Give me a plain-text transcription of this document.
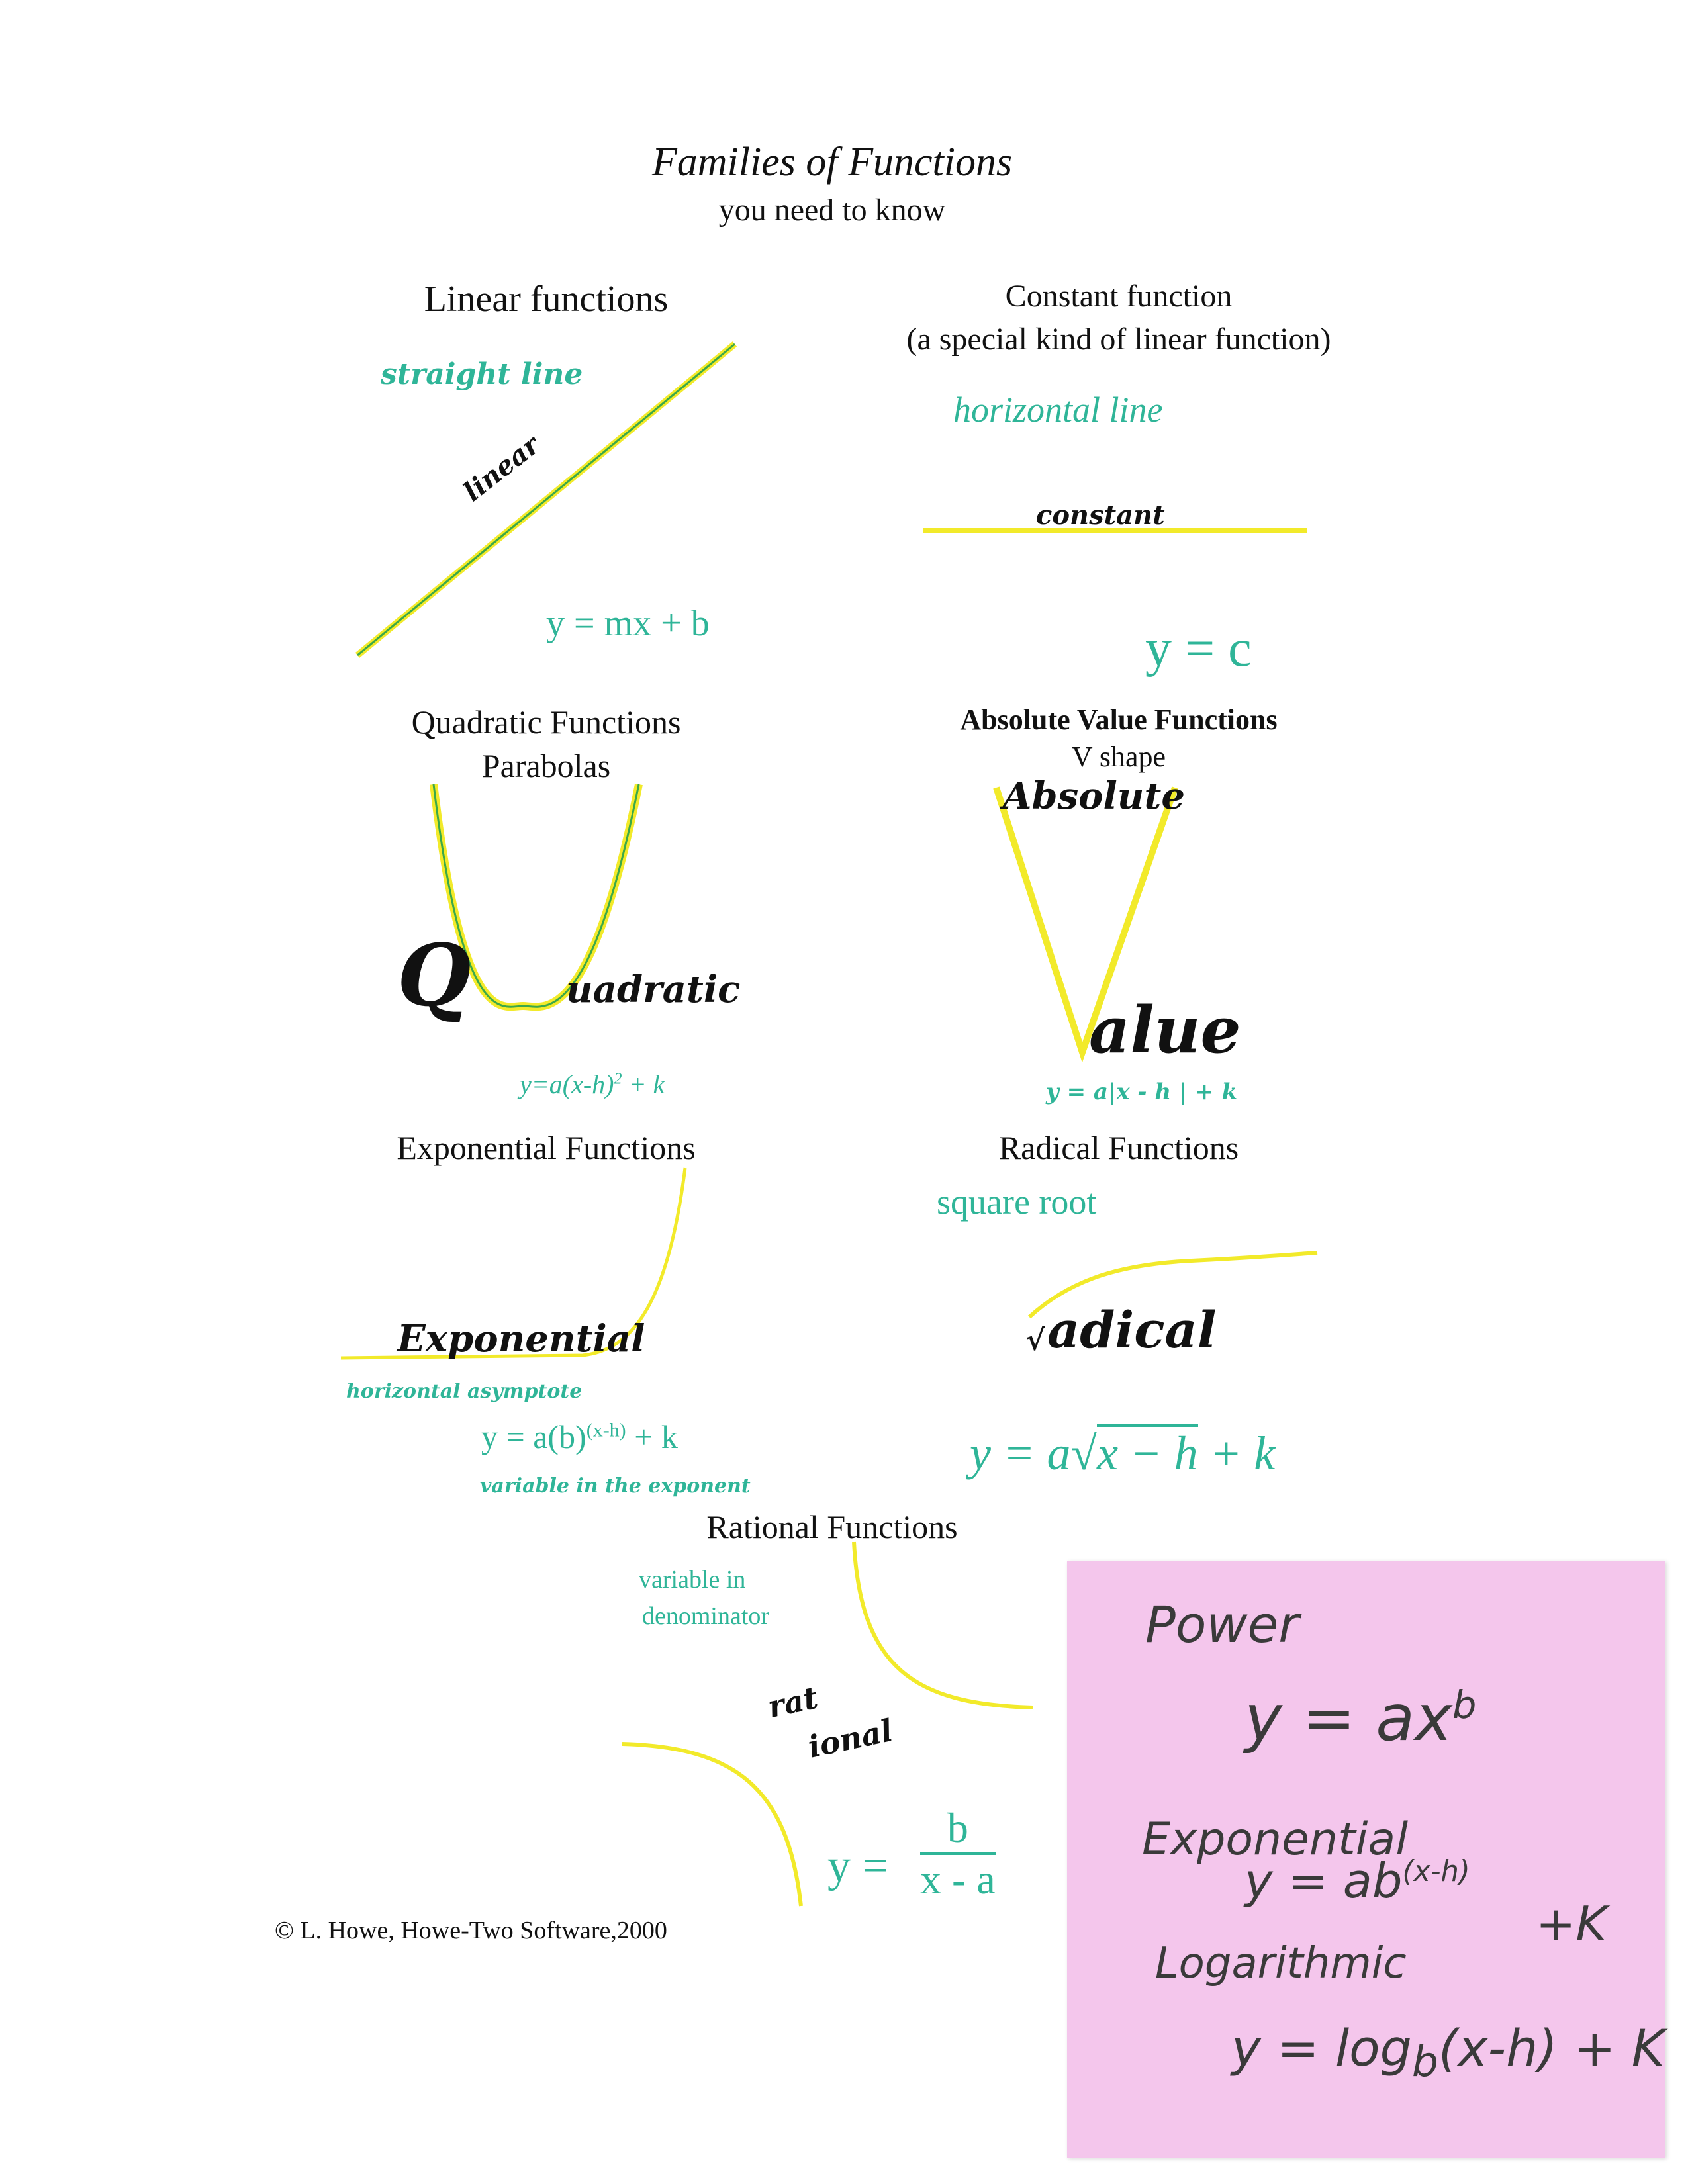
Families of Functions
you need to know
Linear functions
straight line
linear
y = mx + b
Constant function
(a special kind of linear function)
horizontal line
constant
y = c
Quadratic Functions
Parabolas
Q	uadratic
$y=a(x-h)^2 + k$
Absolute Value Functions
V shape
Absolute
alue
y = a|x - h | + k
Exponential Functions
Exponential
horizontal asymptote
$y = a(b)^{(x-h)} + k$
variable in the exponent
Radical Functions
square root
√ adical
y = a√x − h + k
Rational Functions
variable in
denominator
rat
ional
$y = \frac{b}{x - a}$
© L. Howe, Howe-Two Software,2000
Power
$y = ax^b$
Exponential
$y = ab^{(x-h)}$
+K
Logarithmic
$y = \log_b(x-h) + K$
